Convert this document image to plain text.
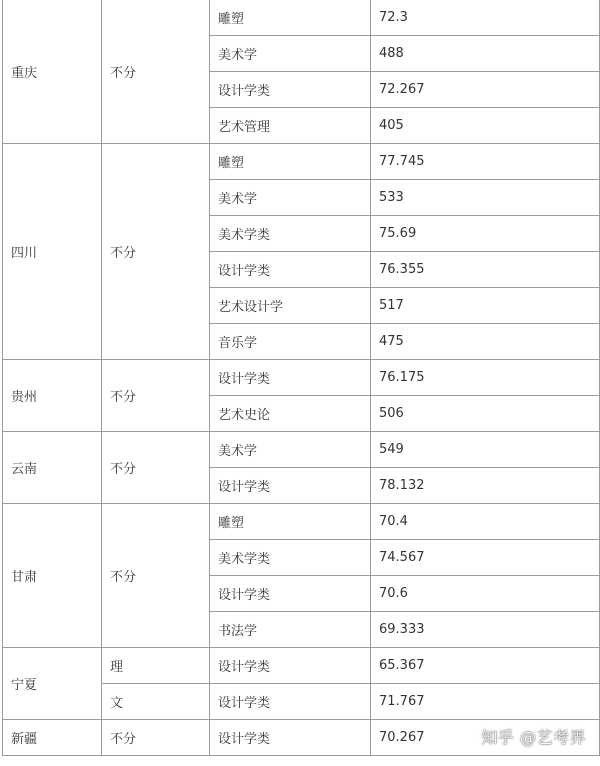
重庆	不分	雕塑	72.3
		美术学	488
		设计学类	72.267
		艺术管理	405
四川	不分	雕塑	77.745
		美术学	533
		美术学类	75.69
		设计学类	76.355
		艺术设计学	517
		音乐学	475
贵州	不分	设计学类	76.175
		艺术史论	506
云南	不分	美术学	549
		设计学类	78.132
甘肃	不分	雕塑	70.4
		美术学类	74.567
		设计学类	70.6
		书法学	69.333
宁夏	理	设计学类	65.367
	文	设计学类	71.767
新疆	不分	设计学类	70.267	知乎 @艺考界
